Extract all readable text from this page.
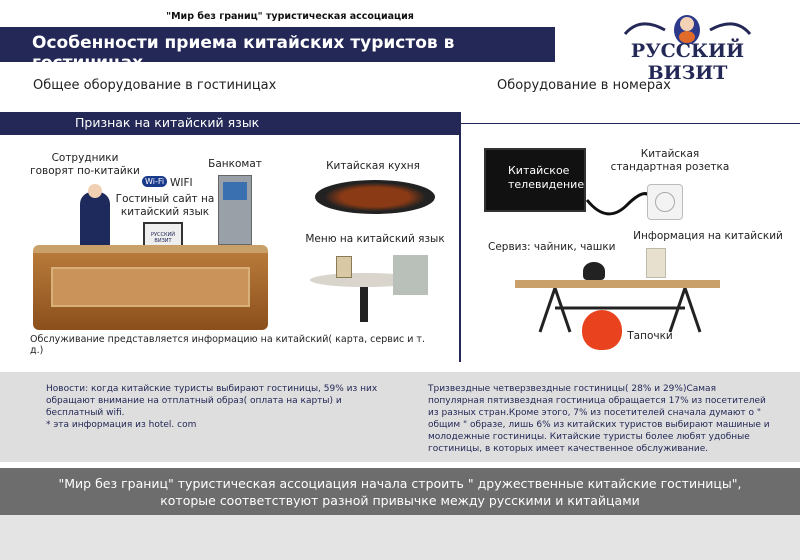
"Мир без границ" туристическая ассоциация
Особенности приема китайских туристов в гостиницах
РУССКИЙ ВИЗИТ
Общее оборудование в гостиницах	Оборудование в номерах
Признак на китайский язык
Сотрудники говорят по-китайки
Банкомат
Wi-Fi WIFI
Гостиный сайт на китайский язык
Китайская кухня
Меню на китайский язык
РУССКИЙ ВИЗИТ
Обслуживание представляется информацию на китайский( карта, сервис и т. д.)
Китайское телевидение
Китайская стандартная розетка
Сервиз: чайник, чашки
Информация на китайский
Тапочки
Новости: когда китайские туристы выбирают гостиницы, 59% из них обращают внимание на отплатный образ( оплата на карты) и бесплатный wifi.
* эта информация из hotel. com
Тризвездные четверзвездные гостиницы( 28% и 29%)Самая популярная пятизвездная гостиница обращается 17% из посетителей из разных стран.Кроме этого, 7% из посетителей сначала думают о " общим " образе, лишь 6% из китайских туристов выбирают машиные и молодежные гостиницы. Китайские туристы более любят удобные гостиницы, в которых имеет качественное обслуживание.
"Мир без границ" туристическая ассоциация начала строить " дружественные китайские гостиницы",
которые соответствуют разной привычке между русскими и китайцами
